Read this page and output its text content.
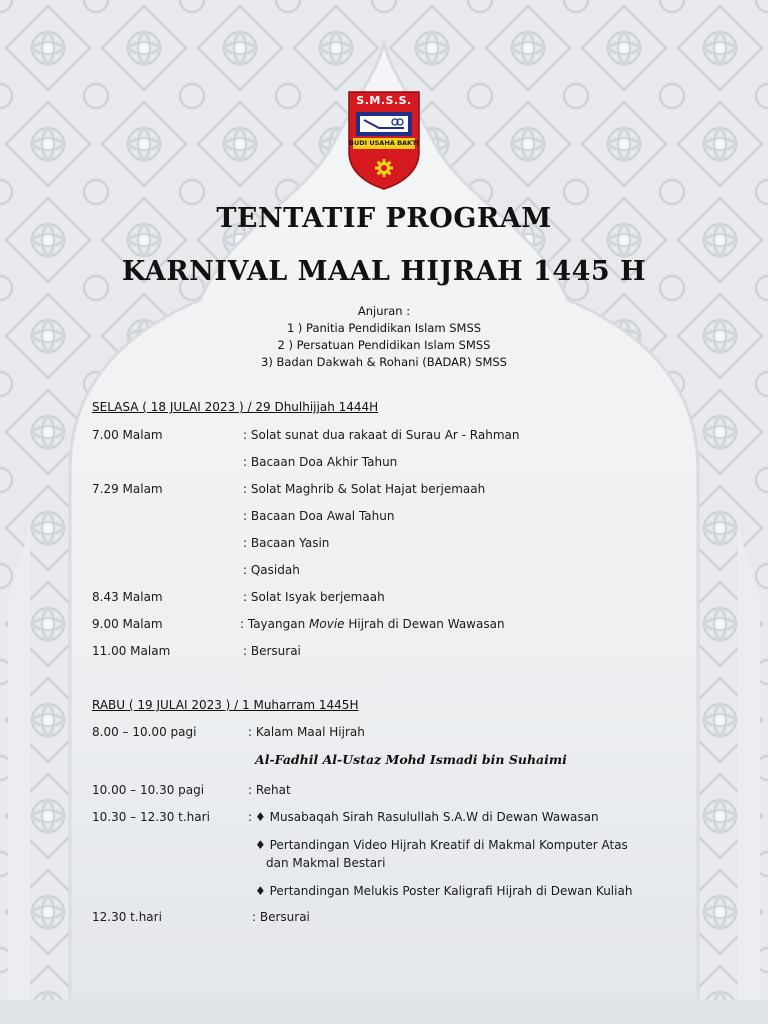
S.M.S.S.
BUDI USAHA BAKTI
TENTATIF PROGRAM
KARNIVAL MAAL HIJRAH 1445 H
Anjuran :
1 ) Panitia Pendidikan Islam SMSS
2 ) Persatuan Pendidikan Islam SMSS
3) Badan Dakwah & Rohani (BADAR) SMSS
SELASA ( 18 JULAI 2023 ) / 29 Dhulhijjah 1444H
7.00 Malam	: Solat sunat dua rakaat di Surau Ar - Rahman
: Bacaan Doa Akhir Tahun
7.29 Malam	: Solat Maghrib & Solat Hajat berjemaah
: Bacaan Doa Awal Tahun
: Bacaan Yasin
: Qasidah
8.43 Malam	: Solat Isyak berjemaah
9.00 Malam	: Tayangan Movie Hijrah di Dewan Wawasan
11.00 Malam	: Bersurai
RABU ( 19 JULAI 2023 ) / 1 Muharram 1445H
8.00 – 10.00 pagi	: Kalam Maal Hijrah
Al-Fadhil Al-Ustaz Mohd Ismadi bin Suhaimi
10.00 – 10.30 pagi	: Rehat
10.30 – 12.30 t.hari	: ♦ Musabaqah Sirah Rasulullah S.A.W di Dewan Wawasan
♦ Pertandingan Video Hijrah Kreatif di Makmal Komputer Atas
dan Makmal Bestari
♦ Pertandingan Melukis Poster Kaligrafi Hijrah di Dewan Kuliah
12.30 t.hari	: Bersurai
